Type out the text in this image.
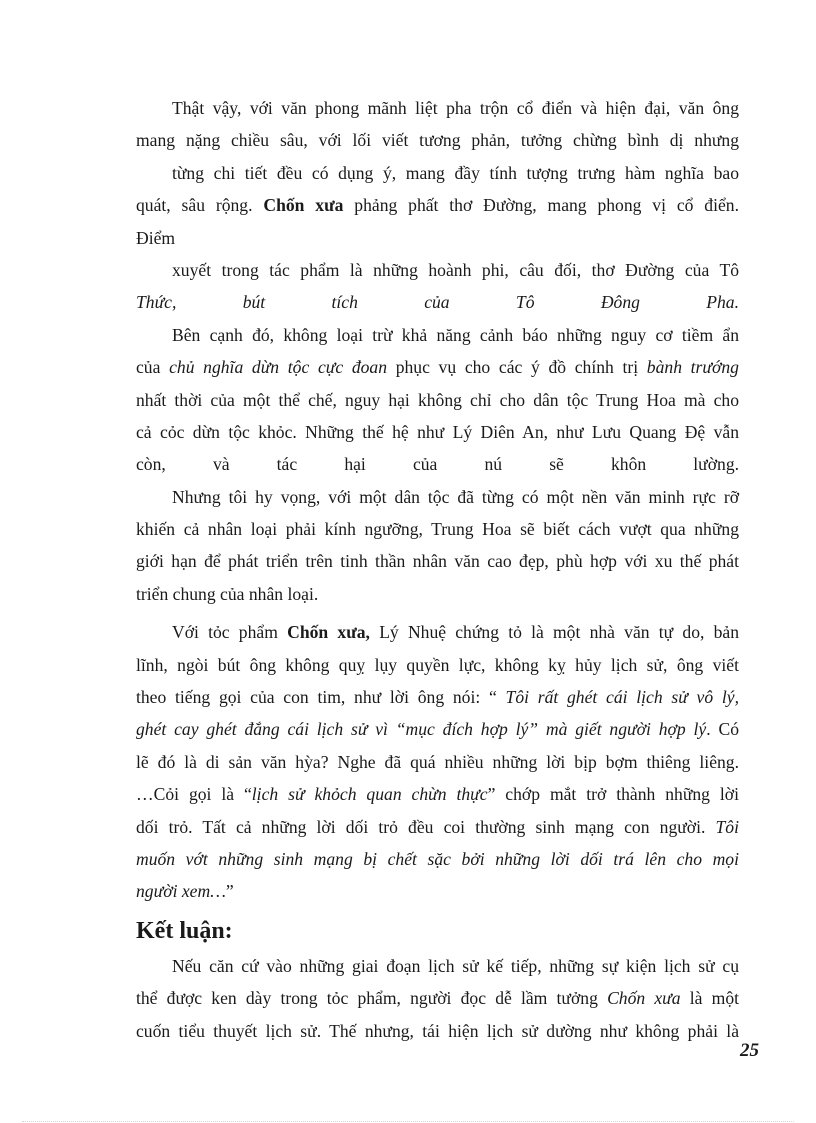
Thật vậy, với văn phong mãnh liệt pha trộn cổ điển và hiện đại, văn ông
mang nặng chiều sâu, với lối viết tương phản, tưởng chừng bình dị nhưng
từng chi tiết đều có dụng ý, mang đầy tính tượng trưng hàm nghĩa bao
quát, sâu rộng. Chốn xưa phảng phất thơ Đường, mang phong vị cổ điển.
Điểm
xuyết trong tác phẩm là những hoành phi, câu đối, thơ Đường của Tô
Thức,	bút	tích	của	Tô	Đông	Pha.
Bên cạnh đó, không loại trừ khả năng cảnh báo những nguy cơ tiềm ẩn
của chủ nghĩa dừn tộc cực đoan phục vụ cho các ý đồ chính trị bành trướng
nhất thời của một thể chế, nguy hại không chỉ cho dân tộc Trung Hoa mà cho
cả cỏc dừn tộc khỏc. Những thế hệ như Lý Diên An, như Lưu Quang Đệ vẫn
còn,	và	tác	hại	của	nú	sẽ	khôn	lường.
Nhưng tôi hy vọng, với một dân tộc đã từng có một nền văn minh rực rỡ
khiến cả nhân loại phải kính ngưỡng, Trung Hoa sẽ biết cách vượt qua những
giới hạn để phát triển trên tinh thần nhân văn cao đẹp, phù hợp với xu thế phát
triển chung của nhân loại.
Với tỏc phẩm Chốn xưa, Lý Nhuệ chứng tỏ là một nhà văn tự do, bản
lĩnh, ngòi bút ông không quỵ lụy quyền lực, không kỵ hủy lịch sử, ông viết
theo tiếng gọi của con tim, như lời ông nói: “ Tôi rất ghét cái lịch sử vô lý,
ghét cay ghét đắng cái lịch sử vì “mục đích hợp lý” mà giết người hợp lý. Có
lẽ đó là di sản văn hỳa? Nghe đã quá nhiều những lời bịp bợm thiêng liêng.
…Cỏi gọi là “lịch sử khỏch quan chừn thực” chớp mắt trở thành những lời
dối trỏ. Tất cả những lời dối trỏ đều coi thường sinh mạng con người. Tôi
muốn vớt những sinh mạng bị chết sặc bởi những lời dối trá lên cho mọi
người xem…”
Kết luận:
Nếu căn cứ vào những giai đoạn lịch sử kế tiếp, những sự kiện lịch sử cụ
thể được ken dày trong tỏc phẩm, người đọc dễ lầm tưởng Chốn xưa là một
cuốn tiểu thuyết lịch sử. Thế nhưng, tái hiện lịch sử dường như không phải là
25
